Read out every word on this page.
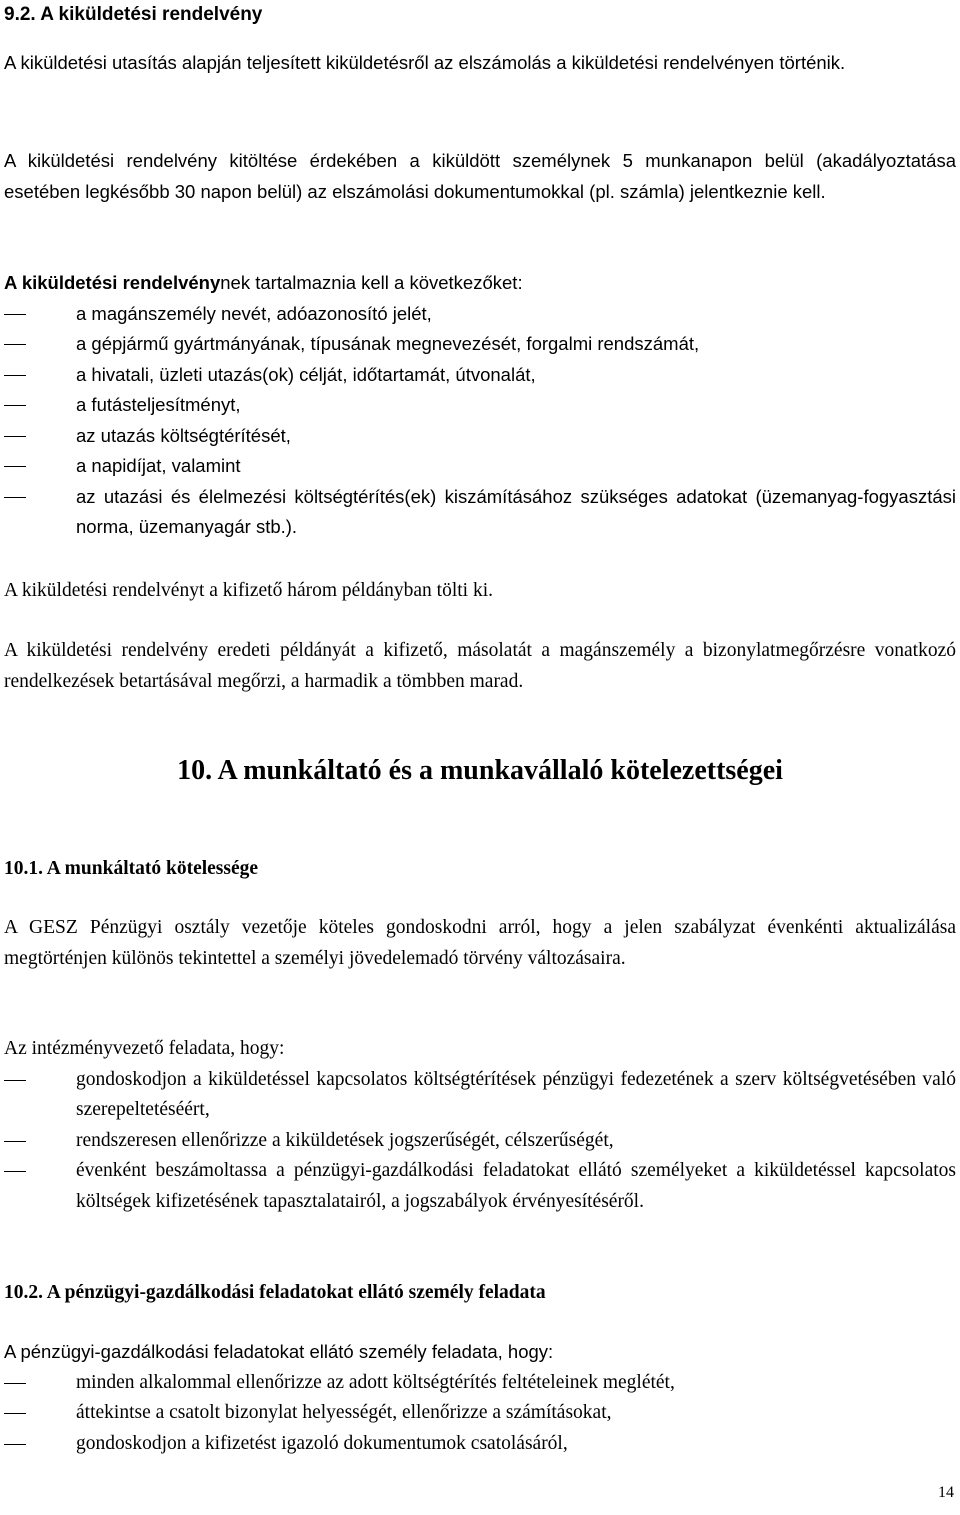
9.2. A kiküldetési rendelvény

A kiküldetési utasítás alapján teljesített kiküldetésről az elszámolás a kiküldetési rendelvényen történik.

A kiküldetési rendelvény kitöltése érdekében a kiküldött személynek 5 munkanapon belül (akadályoztatása esetében legkésőbb 30 napon belül) az elszámolási dokumentumokkal (pl. számla) jelentkeznie kell.

A kiküldetési rendelvénynek tartalmaznia kell a következőket:

a magánszemély nevét, adóazonosító jelét,
a gépjármű gyártmányának, típusának megnevezését, forgalmi rendszámát,
a hivatali, üzleti utazás(ok) célját, időtartamát, útvonalát,
a futásteljesítményt,
az utazás költségtérítését,
a napidíjat, valamint
az utazási és élelmezési költségtérítés(ek) kiszámításához szükséges adatokat (üzemanyag-fogyasztási norma, üzemanyagár stb.).

A kiküldetési rendelvényt a kifizető három példányban tölti ki.

A kiküldetési rendelvény eredeti példányát a kifizető, másolatát a magánszemély a bizonylatmegőrzésre vonatkozó rendelkezések betartásával megőrzi, a harmadik a tömbben marad.

10. A munkáltató és a munkavállaló kötelezettségei
10.1. A munkáltató kötelessége

A GESZ Pénzügyi osztály vezetője köteles gondoskodni arról, hogy a jelen szabályzat évenkénti aktualizálása megtörténjen különös tekintettel a személyi jövedelemadó törvény változásaira.

Az intézményvezető feladata, hogy:

gondoskodjon a kiküldetéssel kapcsolatos költségtérítések pénzügyi fedezetének a szerv költségvetésében való szerepeltetéséért,
rendszeresen ellenőrizze a kiküldetések jogszerűségét, célszerűségét,
évenként beszámoltassa a pénzügyi-gazdálkodási feladatokat ellátó személyeket a kiküldetéssel kapcsolatos költségek kifizetésének tapasztalatairól, a jogszabályok érvényesítéséről.
10.2. A pénzügyi-gazdálkodási feladatokat ellátó személy feladata

A pénzügyi-gazdálkodási feladatokat ellátó személy feladata, hogy:

minden alkalommal ellenőrizze az adott költségtérítés feltételeinek meglétét,
áttekintse a csatolt bizonylat helyességét, ellenőrizze a számításokat,
gondoskodjon a kifizetést igazoló dokumentumok csatolásáról,
14
